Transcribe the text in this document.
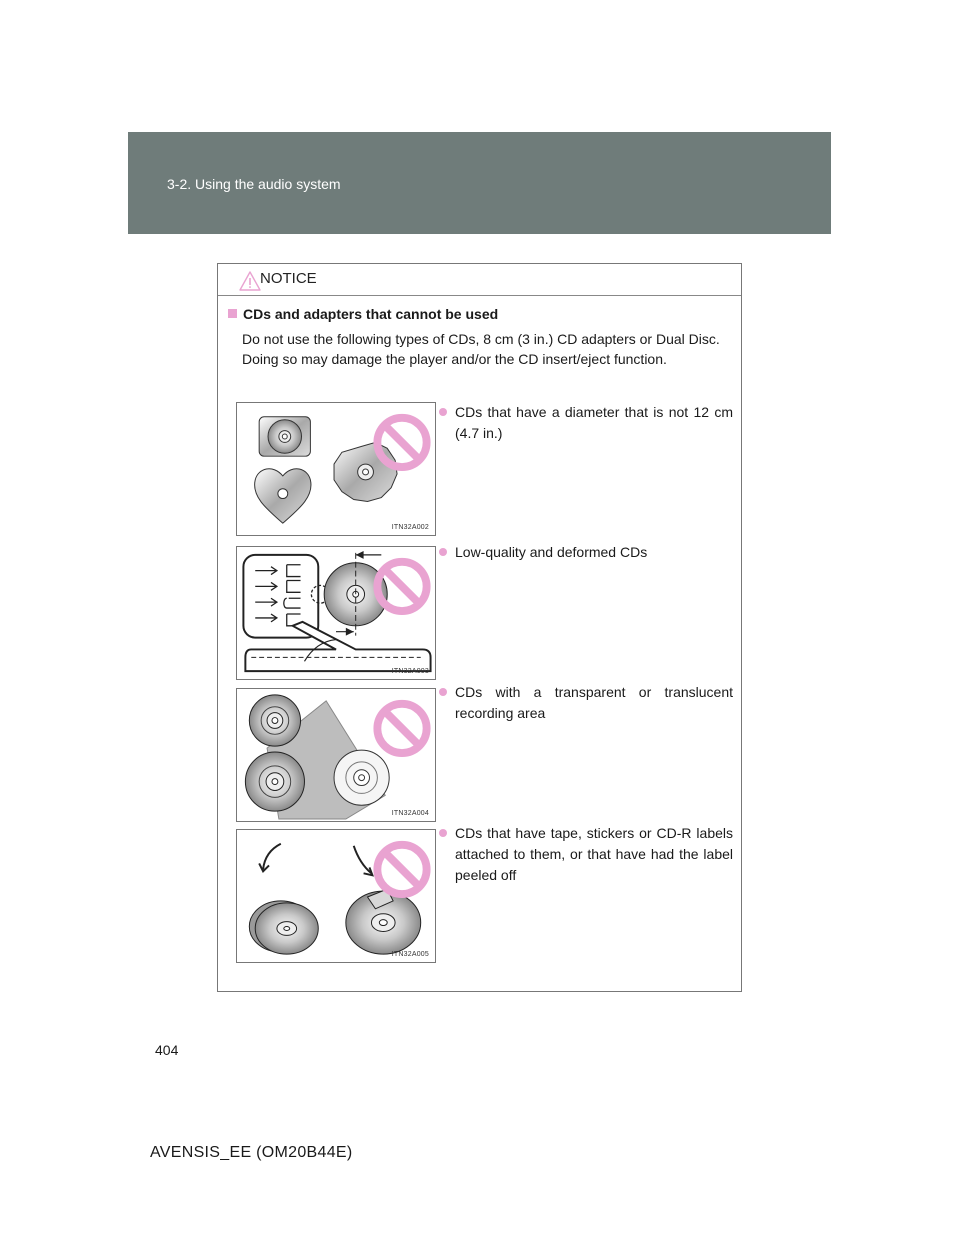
3-2. Using the audio system
NOTICE
CDs and adapters that cannot be used

Do not use the following types of CDs, 8 cm (3 in.) CD adapters or Dual Disc.

Doing so may damage the player and/or the CD insert/eject function.

ITN32A002
CDs that have a diameter that is not 12 cm (4.7 in.)
ITN32A003
Low-quality and deformed CDs
ITN32A004
CDs with a transparent or translucent recording area
ITN32A005
CDs that have tape, stickers or CD-R labels attached to them, or that have had the label peeled off
404
AVENSIS_EE (OM20B44E)
